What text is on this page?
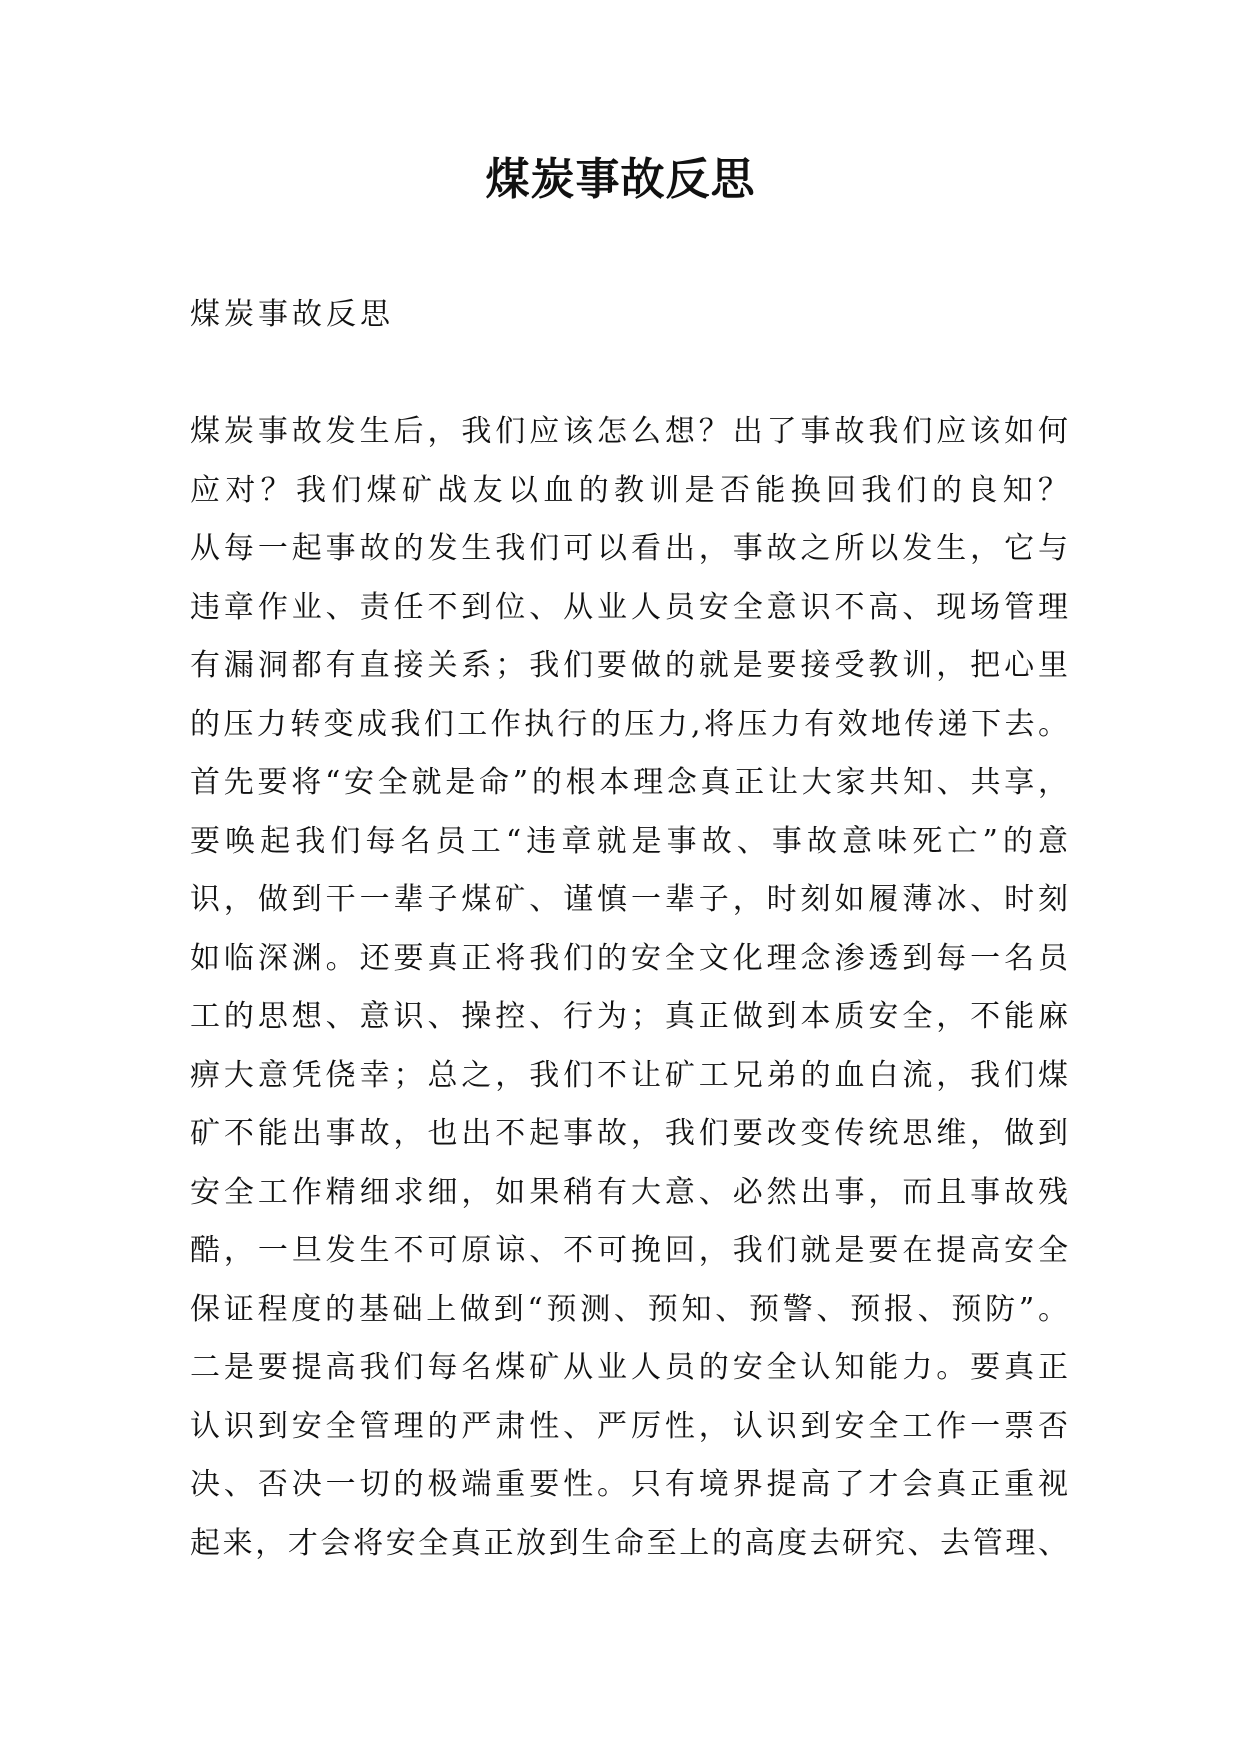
煤炭事故反思

煤炭事故反思

煤炭事故发生后，我们应该怎么想？出了事故我们应该如何
应对？我们煤矿战友以血的教训是否能换回我们的良知？
从每一起事故的发生我们可以看出，事故之所以发生，它与
违章作业、责任不到位、从业人员安全意识不高、现场管理
有漏洞都有直接关系；我们要做的就是要接受教训，把心里
的压力转变成我们工作执行的压力,将压力有效地传递下去。
首先要将“安全就是命”的根本理念真正让大家共知、共享，
要唤起我们每名员工“违章就是事故、事故意味死亡”的意
识，做到干一辈子煤矿、谨慎一辈子，时刻如履薄冰、时刻
如临深渊。还要真正将我们的安全文化理念渗透到每一名员
工的思想、意识、操控、行为；真正做到本质安全，不能麻
痹大意凭侥幸；总之，我们不让矿工兄弟的血白流，我们煤
矿不能出事故，也出不起事故，我们要改变传统思维，做到
安全工作精细求细，如果稍有大意、必然出事，而且事故残
酷，一旦发生不可原谅、不可挽回，我们就是要在提高安全
保证程度的基础上做到“预测、预知、预警、预报、预防”。
二是要提高我们每名煤矿从业人员的安全认知能力。要真正
认识到安全管理的严肃性、严厉性，认识到安全工作一票否
决、否决一切的极端重要性。只有境界提高了才会真正重视
起来，才会将安全真正放到生命至上的高度去研究、去管理、
